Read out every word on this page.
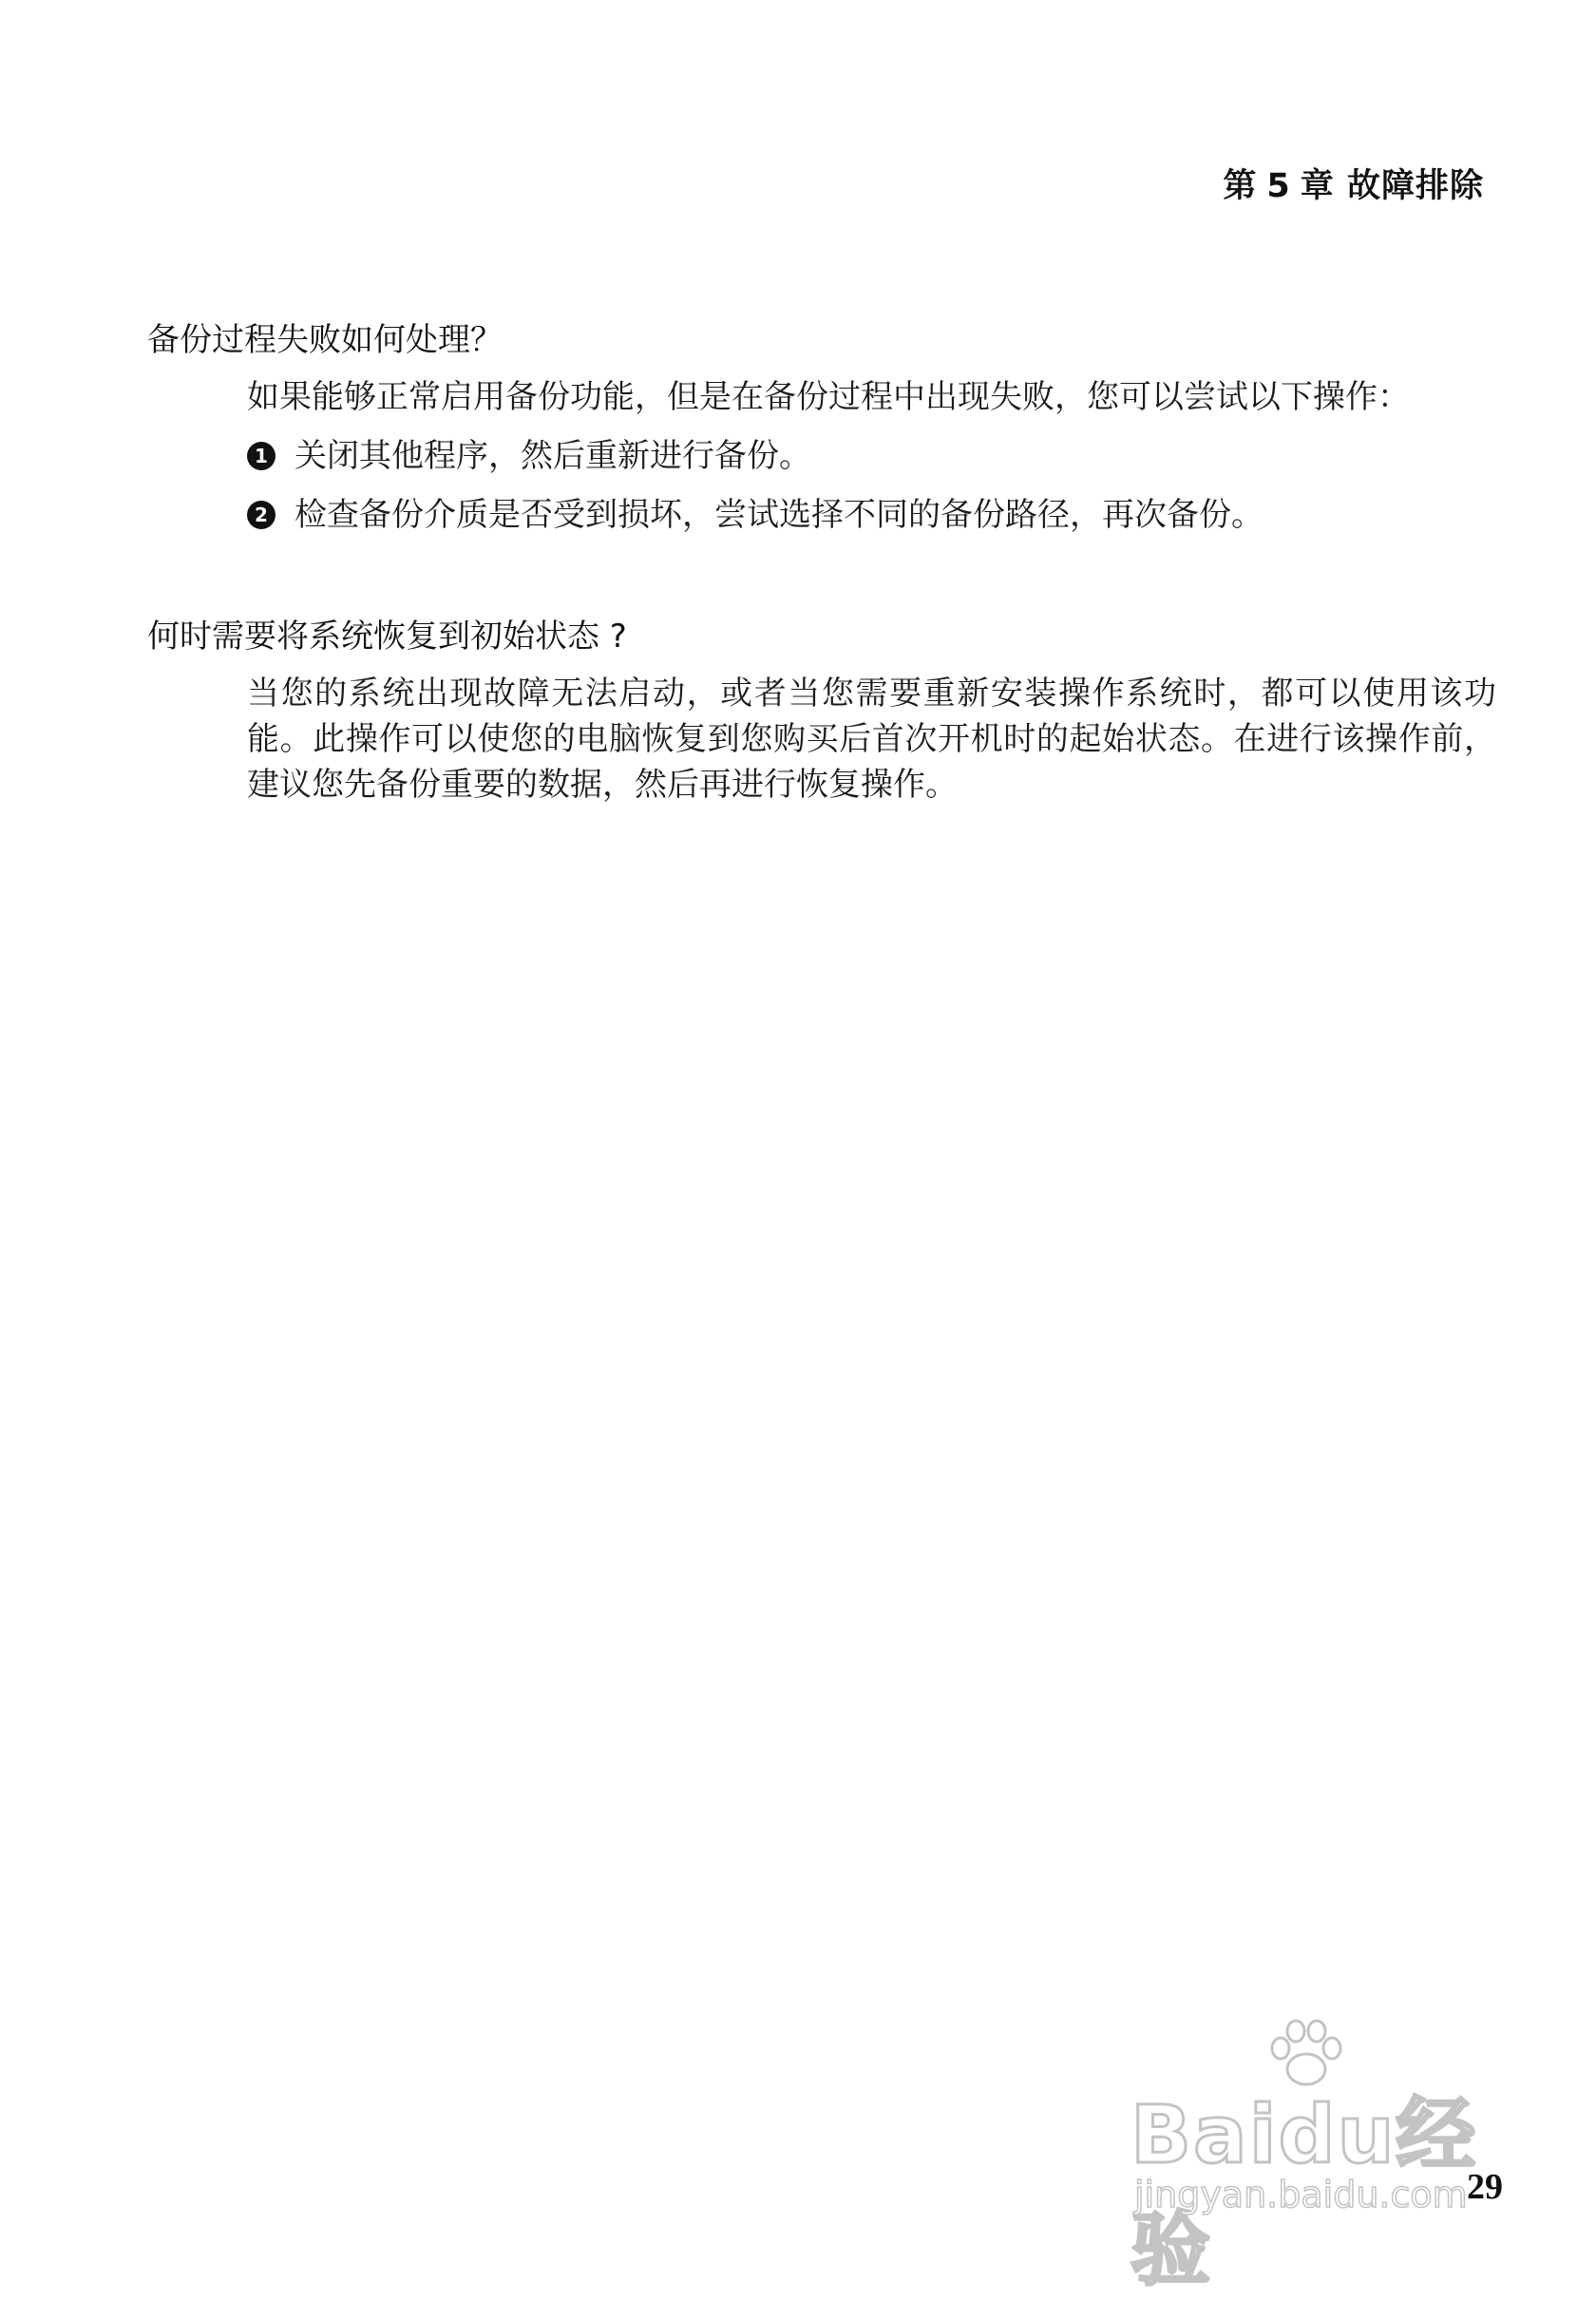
第 5 章 故障排除
备份过程失败如何处理？
如果能够正常启用备份功能，但是在备份过程中出现失败，您可以尝试以下操作：
1 关闭其他程序，然后重新进行备份。
2 检查备份介质是否受到损坏，尝试选择不同的备份路径，再次备份。
何时需要将系统恢复到初始状态 ?
当您的系统出现故障无法启动，或者当您需要重新安装操作系统时，都可以使用该功能。此操作可以使您的电脑恢复到您购买后首次开机时的起始状态。在进行该操作前，建议您先备份重要的数据，然后再进行恢复操作。
Baidu经验
jingyan.baidu.com 29
